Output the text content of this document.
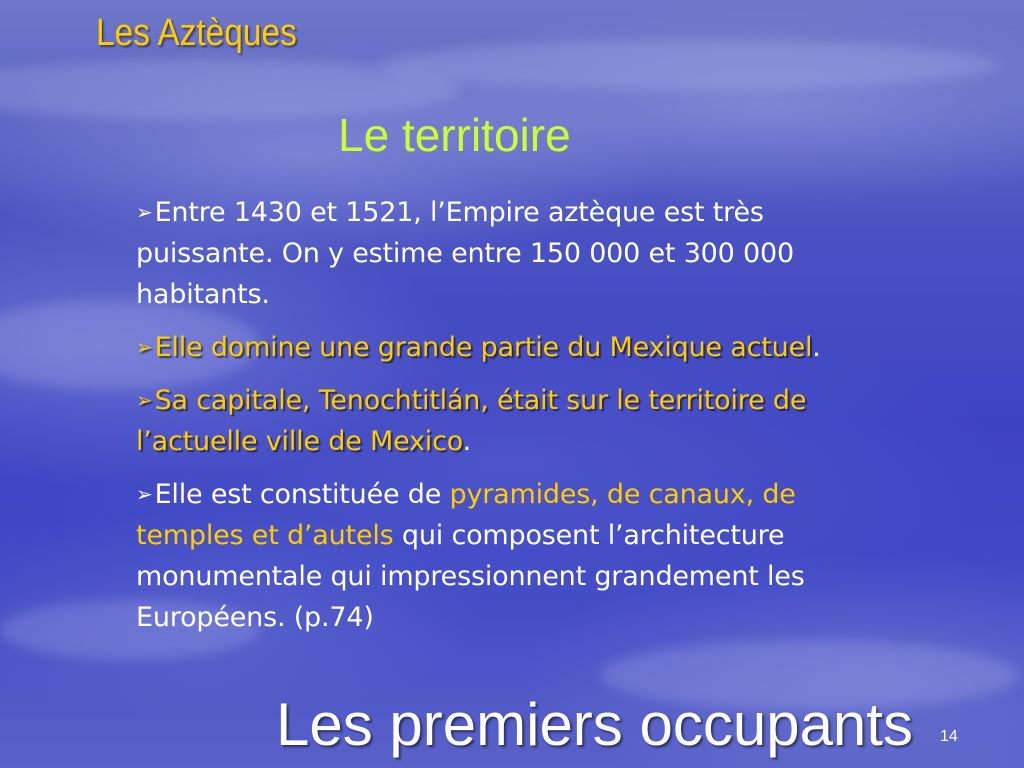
Les Aztèques
Le territoire
➢Entre 1430 et 1521, l’Empire aztèque est très puissante. On y estime entre 150 000 et 300 000 habitants.
➢Elle domine une grande partie du Mexique actuel.
➢Sa capitale, Tenochtitlán, était sur le territoire de l’actuelle ville de Mexico.
➢Elle est constituée de pyramides, de canaux, de temples et d’autels qui composent l’architecture monumentale qui impressionnent grandement les Européens. (p.74)
Les premiers occupants 14
